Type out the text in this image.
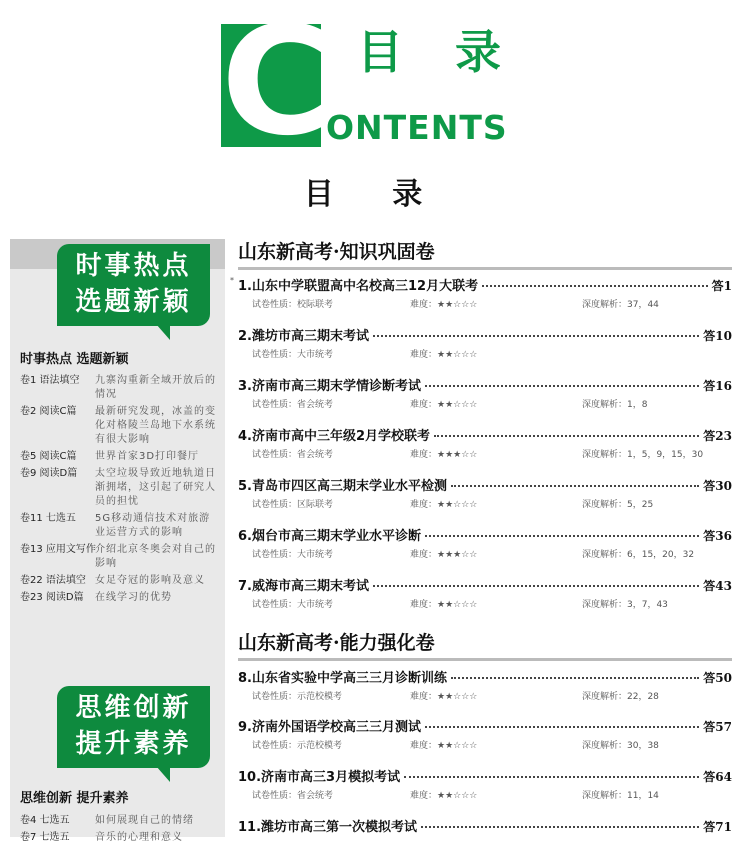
C 目录
ONTENTS
目 录
时事热点
选题新颖
时事热点 选题新颖
卷1 语法填空	九寨沟重新全域开放后的情况
卷2 阅读C篇	最新研究发现，冰盖的变化对格陵兰岛地下水系统有很大影响
卷5 阅读C篇	世界首家3D打印餐厅
卷9 阅读D篇	太空垃圾导致近地轨道日渐拥堵，这引起了研究人员的担忧
卷11 七选五	5G移动通信技术对旅游业运营方式的影响
卷13 应用文写作 介绍北京冬奥会对自己的影响
卷22 语法填空 女足夺冠的影响及意义
卷23 阅读D篇	在线学习的优势
思维创新
提升素养
思维创新 提升素养
卷4 七选五	如何展现自己的情绪
卷7 七选五	音乐的心理和意义
山东新高考·知识巩固卷
* 1.山东中学联盟高中名校高三12月大联考	答1
试卷性质：校际联考	难度：★★☆☆☆	深度解析：37，44
2.潍坊市高三期末考试	答10
试卷性质：大市统考	难度：★★☆☆☆
3.济南市高三期末学情诊断考试	答16
试卷性质：省会统考	难度：★★☆☆☆	深度解析：1，8
4.济南市高中三年级2月学校联考	答23
试卷性质：省会统考	难度：★★★☆☆	深度解析：1，5，9，15，30
5.青岛市四区高三期末学业水平检测	答30
试卷性质：区际联考	难度：★★☆☆☆	深度解析：5，25
6.烟台市高三期末学业水平诊断	答36
试卷性质：大市统考	难度：★★★☆☆	深度解析：6，15，20，32
7.威海市高三期末考试	答43
试卷性质：大市统考	难度：★★☆☆☆	深度解析：3，7，43
山东新高考·能力强化卷
8.山东省实验中学高三三月诊断训练	答50
试卷性质：示范校模考	难度：★★☆☆☆	深度解析：22，28
9.济南外国语学校高三三月测试	答57
试卷性质：示范校模考	难度：★★☆☆☆	深度解析：30，38
10.济南市高三3月模拟考试	答64
试卷性质：省会统考	难度：★★☆☆☆	深度解析：11，14
11.潍坊市高三第一次模拟考试	答71
